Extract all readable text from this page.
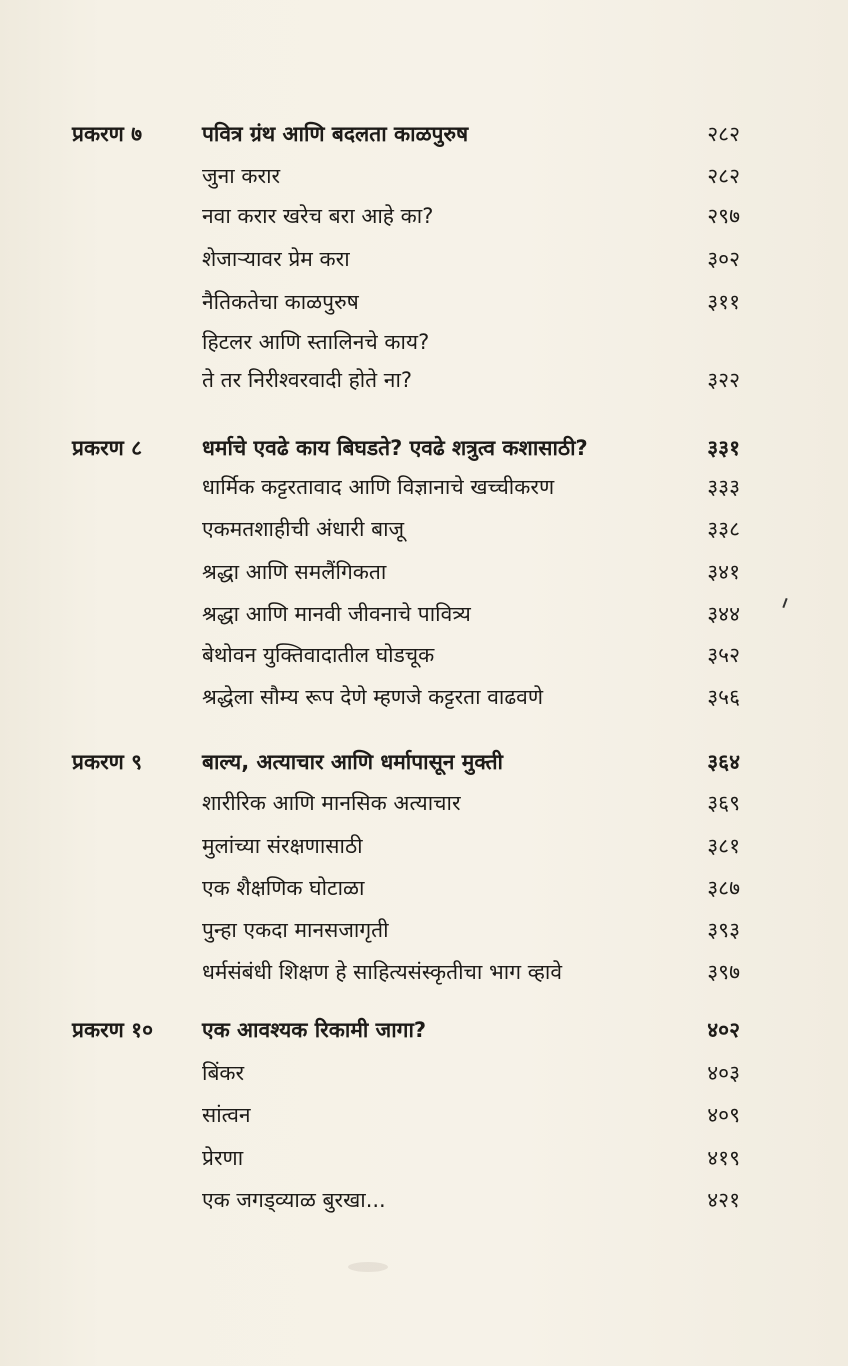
प्रकरण ७	पवित्र ग्रंथ आणि बदलता काळपुरुष	२८२
जुना करार	२८२
नवा करार खरेच बरा आहे का?	२९७
शेजाऱ्यावर प्रेम करा	३०२
नैतिकतेचा काळपुरुष	३११
हिटलर आणि स्तालिनचे काय?
ते तर निरीश्वरवादी होते ना?	३२२
प्रकरण ८	धर्माचे एवढे काय बिघडते? एवढे शत्रुत्व कशासाठी?	३३१
धार्मिक कट्टरतावाद आणि विज्ञानाचे खच्चीकरण	३३३
एकमतशाहीची अंधारी बाजू	३३८
श्रद्धा आणि समलैंगिकता	३४१
श्रद्धा आणि मानवी जीवनाचे पावित्र्य	३४४
बेथोवन युक्तिवादातील घोडचूक	३५२
श्रद्धेला सौम्य रूप देणे म्हणजे कट्टरता वाढवणे	३५६
प्रकरण ९	बाल्य, अत्याचार आणि धर्मापासून मुक्ती	३६४
शारीरिक आणि मानसिक अत्याचार	३६९
मुलांच्या संरक्षणासाठी	३८१
एक शैक्षणिक घोटाळा	३८७
पुन्हा एकदा मानसजागृती	३९३
धर्मसंबंधी शिक्षण हे साहित्यसंस्कृतीचा भाग व्हावे	३९७
प्रकरण १० एक आवश्यक रिकामी जागा?	४०२
बिंकर	४०३
सांत्वन	४०९
प्रेरणा	४१९
एक जगड्व्याळ बुरखा...	४२१
